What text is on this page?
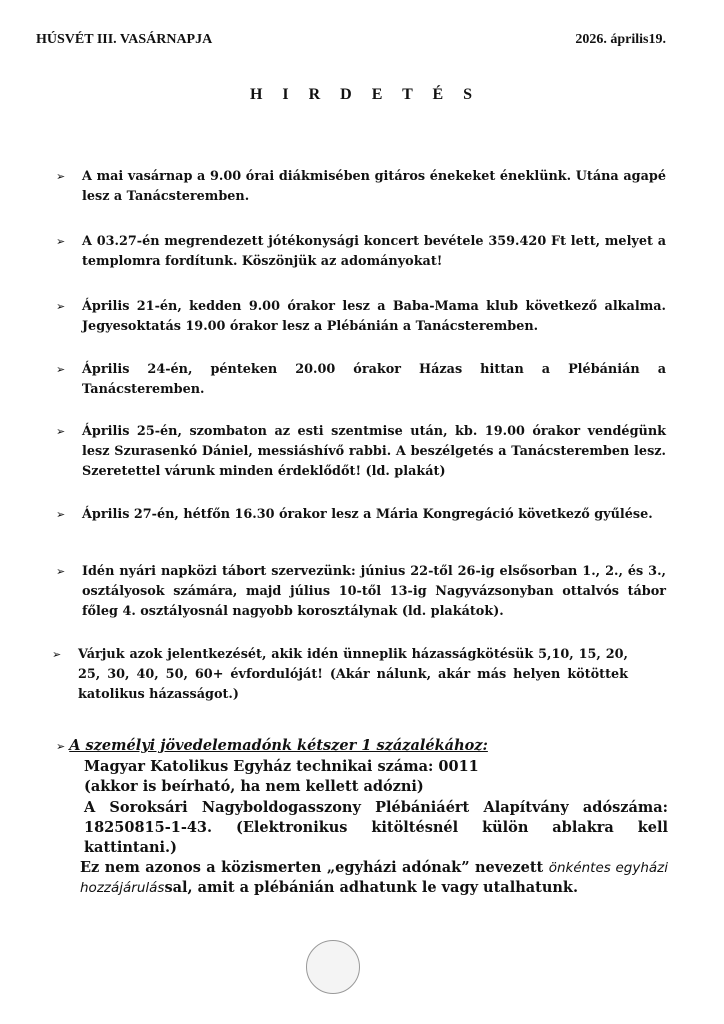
HÚSVÉT III. VASÁRNAPJA	2026. április19.
H I R D E T É S
➢ A mai vasárnap a 9.00 órai diákmisében gitáros énekeket éneklünk. Utána agapé lesz a Tanácsteremben.
➢ A 03.27-én megrendezett jótékonysági koncert bevétele 359.420 Ft lett, melyet a templomra fordítunk. Köszönjük az adományokat!
➢ Április 21-én, kedden 9.00 órakor lesz a Baba-Mama klub következő alkalma. Jegyesoktatás 19.00 órakor lesz a Plébánián a Tanácsteremben.
➢ Április 24-én, pénteken 20.00 órakor Házas hittan a Plébánián a Tanácsteremben.
➢ Április 25-én, szombaton az esti szentmise után, kb. 19.00 órakor vendégünk lesz Szurasenkó Dániel, messiáshívő rabbi. A beszélgetés a Tanácsteremben lesz. Szeretettel várunk minden érdeklődőt! (ld. plakát)
➢ Április 27-én, hétfőn 16.30 órakor lesz a Mária Kongregáció következő gyűlése.
➢ Idén nyári napközi tábort szervezünk: június 22-től 26-ig elsősorban 1., 2., és 3., osztályosok számára, majd július 10-től 13-ig Nagyvázsonyban ottalvós tábor főleg 4. osztályosnál nagyobb korosztálynak (ld. plakátok).
➢ Várjuk azok jelentkezését, akik idén ünneplik házasságkötésük 5,10, 15, 20, 25, 30, 40, 50, 60+ évfordulóját! (Akár nálunk, akár más helyen kötöttek katolikus házasságot.)
➢ A személyi jövedelemadónk kétszer 1 százalékához:
Magyar Katolikus Egyház technikai száma: 0011
(akkor is beírható, ha nem kellett adózni)
A Soroksári Nagyboldogasszony Plébániáért Alapítvány adószáma: 18250815-1-43. (Elektronikus kitöltésnél külön ablakra kell kattintani.)
Ez nem azonos a közismerten „egyházi adónak” nevezett önkéntes egyházi hozzájárulással, amit a plébánián adhatunk le vagy utalhatunk.
